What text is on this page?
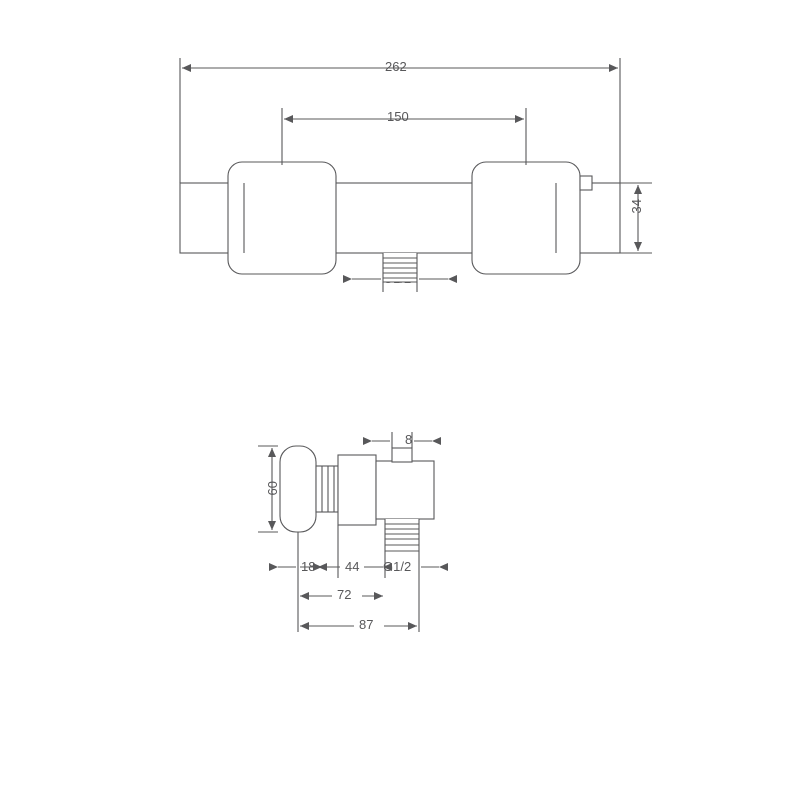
262
150
34
60
8
18 44 G1/2
72
87
